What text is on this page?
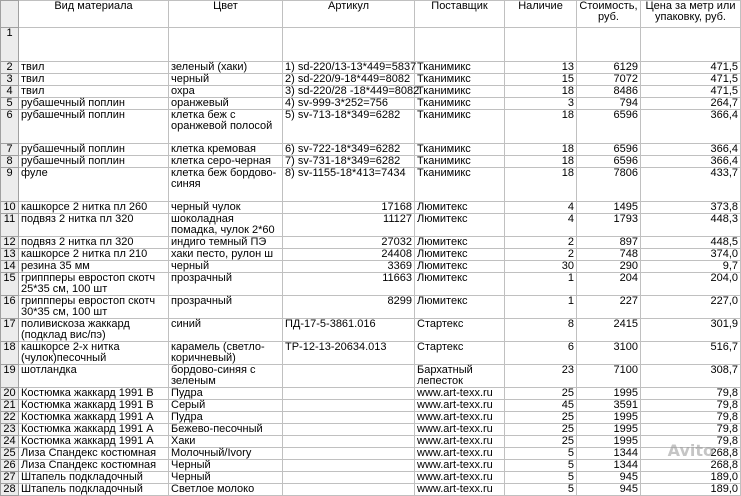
	Вид материала	Цвет	Артикул	Поставщик	Наличие	Стоимость, руб.	Цена за метр или упаковку, руб.
1							
2	твил	зеленый (хаки)	1) sd-220/13-13*449=5837	Тканимикс	13	6129	471,5
3	твил	черный	2) sd-220/9-18*449=8082	Тканимикс	15	7072	471,5
4	твил	охра	3) sd-220/28 -18*449=8082	Тканимикс	18	8486	471,5
5	рубашечный поплин	оранжевый	4) sv-999-3*252=756	Тканимикс	3	794	264,7
6	рубашечный поплин	клетка беж с оранжевой полосой	5) sv-713-18*349=6282	Тканимикс	18	6596	366,4
7	рубашечный поплин	клетка кремовая	6) sv-722-18*349=6282	Тканимикс	18	6596	366,4
8	рубашечный поплин	клетка серо-черная	7) sv-731-18*349=6282	Тканимикс	18	6596	366,4
9	фуле	клетка беж бордово-синяя	8) sv-1155-18*413=7434	Тканимикс	18	7806	433,7
10	кашкорсе 2 нитка пл 260	черный чулок	17168	Люмитекс	4	1495	373,8
11	подвяз 2 нитка пл 320	шоколадная помадка, чулок 2*60	11127	Люмитекс	4	1793	448,3
12	подвяз 2 нитка пл 320	индиго темный ПЭ	27032	Люмитекс	2	897	448,5
13	кашкорсе 2 нитка пл 210	хаки песто, рулон ш	24408	Люмитекс	2	748	374,0
14	резина 35 мм	черный	3369	Люмитекс	30	290	9,7
15	гриппперы евростоп скотч 25*35 см, 100 шт	прозрачный	11663	Люмитекс	1	204	204,0
16	гриппперы евростоп скотч 30*35 см, 100 шт	прозрачный	8299	Люмитекс	1	227	227,0
17	поливискоза жаккард (подклад вис/пэ)	синий	ПД-17-5-3861.016	Стартекс	8	2415	301,9
18	кашкорсе 2-х нитка (чулок)песочный	карамель (светло-коричневый)	ТР-12-13-20634.013	Стартекс	6	3100	516,7
19	шотландка	бордово-синяя с зеленым		Бархатный лепесток	23	7100	308,7
20	Костюмка жаккард 1991 В	Пудра		www.art-texx.ru	25	1995	79,8
21	Костюмка жаккард 1991 В	Серый		www.art-texx.ru	45	3591	79,8
22	Костюмка жаккард 1991 А	Пудра		www.art-texx.ru	25	1995	79,8
23	Костюмка жаккард 1991 А	Бежево-песочный		www.art-texx.ru	25	1995	79,8
24	Костюмка жаккард 1991 А	Хаки		www.art-texx.ru	25	1995	79,8
25	Лиза Спандекс костюмная	Молочный/Ivory		www.art-texx.ru	5	1344	268,8
26	Лиза Спандекс костюмная	Черный		www.art-texx.ru	5	1344	268,8
27	Штапель подкладочный	Черный		www.art-texx.ru	5	945	189,0
28	Штапель подкладочный	Светлое молоко		www.art-texx.ru	5	945	189,0
Avito
